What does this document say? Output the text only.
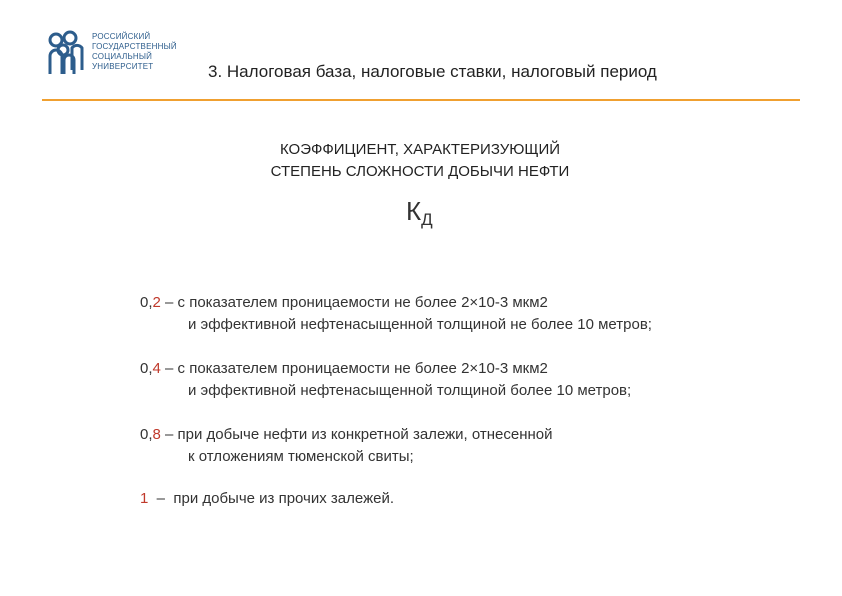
РОССИЙСКИЙ
ГОСУДАРСТВЕННЫЙ
СОЦИАЛЬНЫЙ
УНИВЕРСИТЕТ	3. Налоговая база, налоговые ставки, налоговый период
КОЭФФИЦИЕНТ, ХАРАКТЕРИЗУЮЩИЙ
СТЕПЕНЬ СЛОЖНОСТИ ДОБЫЧИ НЕФТИ
$К_Д$
0,2 – с показателем проницаемости не более 2×10-3 мкм2
и эффективной нефтенасыщенной толщиной не более 10 метров;
0,4 – с показателем проницаемости не более 2×10-3 мкм2
и эффективной нефтенасыщенной толщиной более 10 метров;
0,8 – при добыче нефти из конкретной залежи, отнесенной
к отложениям тюменской свиты;
1  –  при добыче из прочих залежей.
